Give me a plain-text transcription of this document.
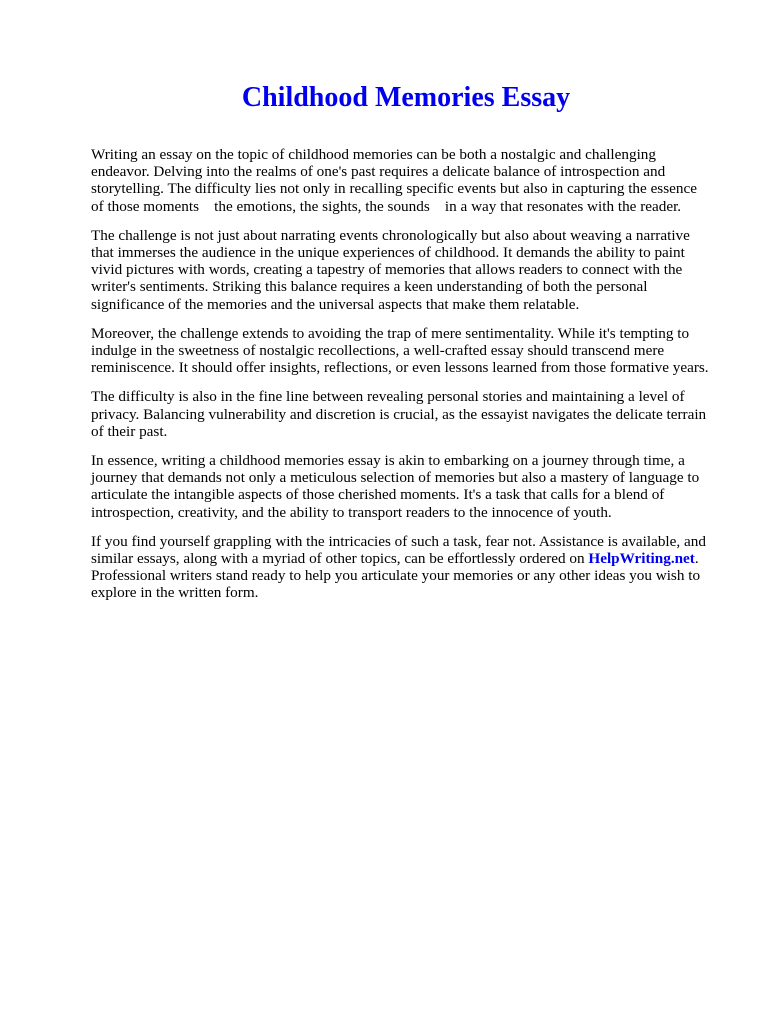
Childhood Memories Essay

Writing an essay on the topic of childhood memories can be both a nostalgic and challenging
endeavor. Delving into the realms of one's past requires a delicate balance of introspection and
storytelling. The difficulty lies not only in recalling specific events but also in capturing the essence
of those moments    the emotions, the sights, the sounds    in a way that resonates with the reader.

The challenge is not just about narrating events chronologically but also about weaving a narrative
that immerses the audience in the unique experiences of childhood. It demands the ability to paint
vivid pictures with words, creating a tapestry of memories that allows readers to connect with the
writer's sentiments. Striking this balance requires a keen understanding of both the personal
significance of the memories and the universal aspects that make them relatable.

Moreover, the challenge extends to avoiding the trap of mere sentimentality. While it's tempting to
indulge in the sweetness of nostalgic recollections, a well-crafted essay should transcend mere
reminiscence. It should offer insights, reflections, or even lessons learned from those formative years.

The difficulty is also in the fine line between revealing personal stories and maintaining a level of
privacy. Balancing vulnerability and discretion is crucial, as the essayist navigates the delicate terrain
of their past.

In essence, writing a childhood memories essay is akin to embarking on a journey through time, a
journey that demands not only a meticulous selection of memories but also a mastery of language to
articulate the intangible aspects of those cherished moments. It's a task that calls for a blend of
introspection, creativity, and the ability to transport readers to the innocence of youth.

If you find yourself grappling with the intricacies of such a task, fear not. Assistance is available, and
similar essays, along with a myriad of other topics, can be effortlessly ordered on HelpWriting.net.
Professional writers stand ready to help you articulate your memories or any other ideas you wish to
explore in the written form.
